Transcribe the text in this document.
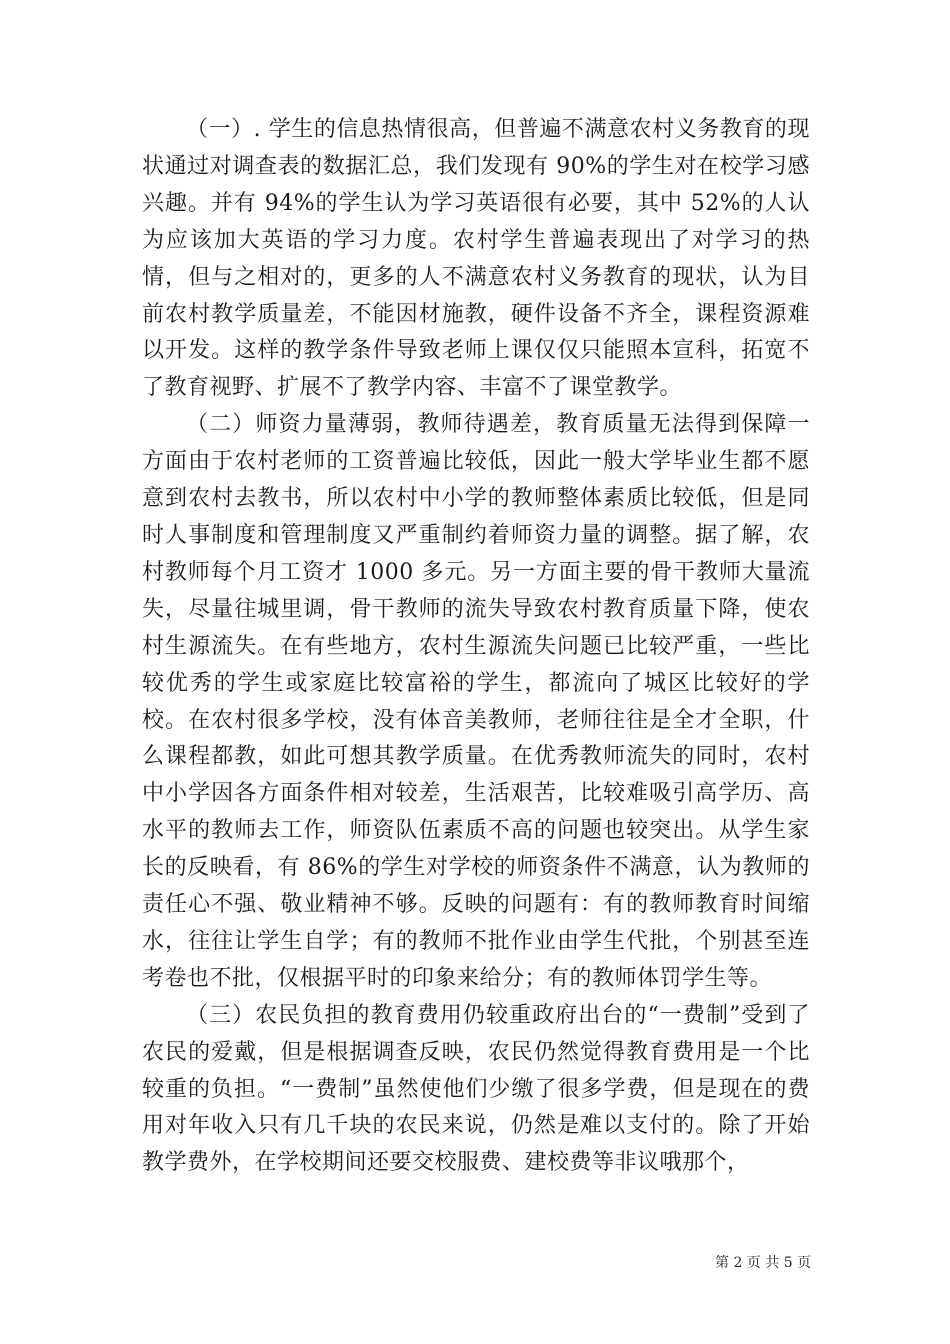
（一）. 学生的信息热情很高，但普遍不满意农村义务教育的现状通过对调查表的数据汇总，我们发现有 90%的学生对在校学习感兴趣。并有 94%的学生认为学习英语很有必要，其中 52%的人认为应该加大英语的学习力度。农村学生普遍表现出了对学习的热情，但与之相对的，更多的人不满意农村义务教育的现状，认为目前农村教学质量差，不能因材施教，硬件设备不齐全，课程资源难以开发。这样的教学条件导致老师上课仅仅只能照本宣科，拓宽不了教育视野、扩展不了教学内容、丰富不了课堂教学。

（二）师资力量薄弱，教师待遇差，教育质量无法得到保障一方面由于农村老师的工资普遍比较低，因此一般大学毕业生都不愿意到农村去教书，所以农村中小学的教师整体素质比较低，但是同时人事制度和管理制度又严重制约着师资力量的调整。据了解，农村教师每个月工资才 1000 多元。另一方面主要的骨干教师大量流失，尽量往城里调，骨干教师的流失导致农村教育质量下降，使农村生源流失。在有些地方，农村生源流失问题已比较严重，一些比较优秀的学生或家庭比较富裕的学生，都流向了城区比较好的学校。在农村很多学校，没有体音美教师，老师往往是全才全职，什么课程都教，如此可想其教学质量。在优秀教师流失的同时，农村中小学因各方面条件相对较差，生活艰苦，比较难吸引高学历、高水平的教师去工作，师资队伍素质不高的问题也较突出。从学生家长的反映看，有 86%的学生对学校的师资条件不满意，认为教师的责任心不强、敬业精神不够。反映的问题有：有的教师教育时间缩水，往往让学生自学；有的教师不批作业由学生代批，个别甚至连考卷也不批，仅根据平时的印象来给分；有的教师体罚学生等。

（三）农民负担的教育费用仍较重政府出台的“一费制”受到了农民的爱戴，但是根据调查反映，农民仍然觉得教育费用是一个比较重的负担。“一费制”虽然使他们少缴了很多学费，但是现在的费用对年收入只有几千块的农民来说，仍然是难以支付的。除了开始教学费外，在学校期间还要交校服费、建校费等非议哦那个，

第 2 页 共 5 页
